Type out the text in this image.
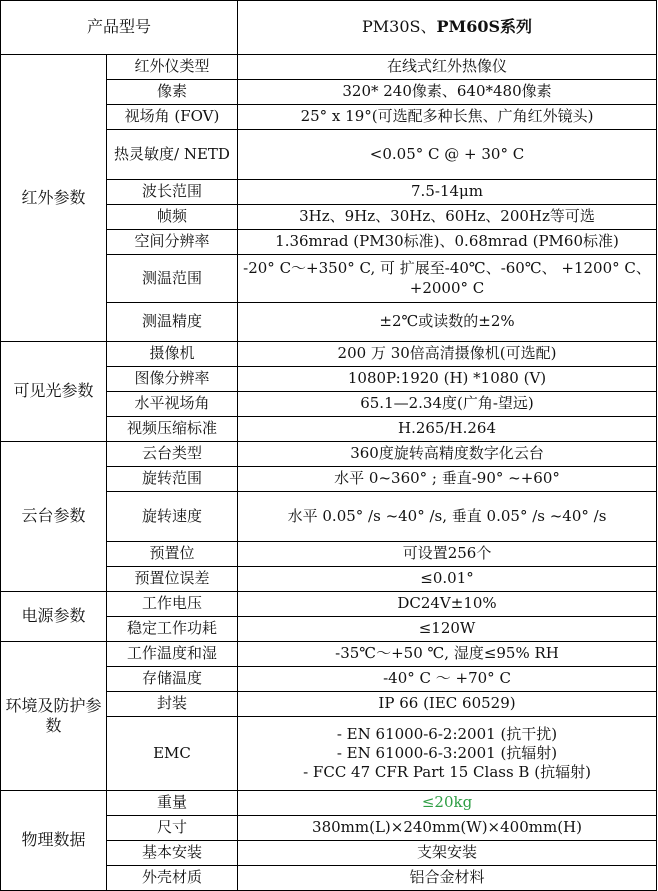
产品型号		PM30S、PM60S系列
红外参数	红外仪类型	在线式红外热像仪
	像素	320* 240像素、640*480像素
	视场角 (FOV)	25° x 19°(可选配多种长焦、广角红外镜头)
	热灵敏度/ NETD	<0.05° C @ + 30° C
	波长范围	7.5-14μm
	帧频	3Hz、9Hz、30Hz、60Hz、200Hz等可选
	空间分辨率	1.36mrad (PM30标准)、0.68mrad (PM60标准)
	测温范围	-20° C～+350° C, 可 扩展至-40℃、-60℃、 +1200° C、+2000° C
	测温精度	±2℃或读数的±2%
可见光参数	摄像机	200 万 30倍高清摄像机(可选配)
	图像分辨率	1080P:1920 (H) *1080 (V)
	水平视场角	65.1—2.34度(广角-望远)
	视频压缩标准	H.265/H.264
云台参数	云台类型	360度旋转高精度数字化云台
	旋转范围	水平 0~360° ; 垂直-90° ~+60°
	旋转速度	水平 0.05° /s ~40° /s, 垂直 0.05° /s ~40° /s
	预置位	可设置256个
	预置位误差	≤0.01°
电源参数	工作电压	DC24V±10%
	稳定工作功耗	≤120W
环境及防护参数	工作温度和湿	-35℃～+50 ℃, 湿度≤95% RH
	存储温度	-40° C ～ +70° C
	封装	IP 66 (IEC 60529)
	EMC	- EN 61000-6-2:2001 (抗干扰)
- EN 61000-6-3:2001 (抗辐射)
- FCC 47 CFR Part 15 Class B (抗辐射)

物理数据	重量	≤20kg
	尺寸	380mm(L)×240mm(W)×400mm(H)
	基本安装	支架安装
	外壳材质	铝合金材料
